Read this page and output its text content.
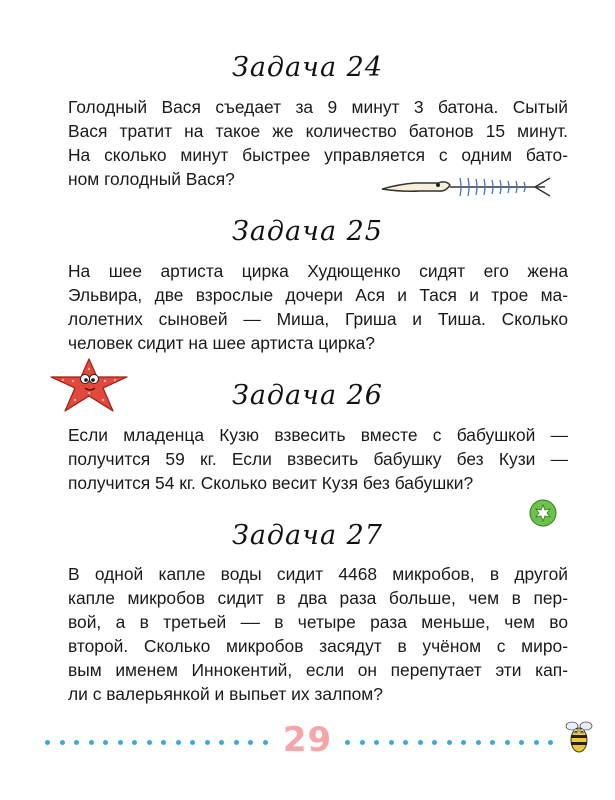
Задача 24
Голодный Вася съедает за 9 минут 3 батона. Сытый
Вася тратит на такое же количество батонов 15 минут.
На сколько минут быстрее управляется с одним бато-
ном голодный Вася?
Задача 25
На шее артиста цирка Худющенко сидят его жена
Эльвира, две взрослые дочери Ася и Тася и трое ма-
лолетних сыновей — Миша, Гриша и Тиша. Сколько
человек сидит на шее артиста цирка?
Задача 26
Если младенца Кузю взвесить вместе с бабушкой —
получится 59 кг. Если взвесить бабушку без Кузи —
получится 54 кг. Сколько весит Кузя без бабушки?
Задача 27
В одной капле воды сидит 4468 микробов, в другой
капле микробов сидит в два раза больше, чем в пер-
вой, а в третьей –– в четыре раза меньше, чем во
второй. Сколько микробов засядут в учёном с миро-
вым именем Иннокентий, если он перепутает эти кап-
ли с валерьянкой и выпьет их залпом?
29
